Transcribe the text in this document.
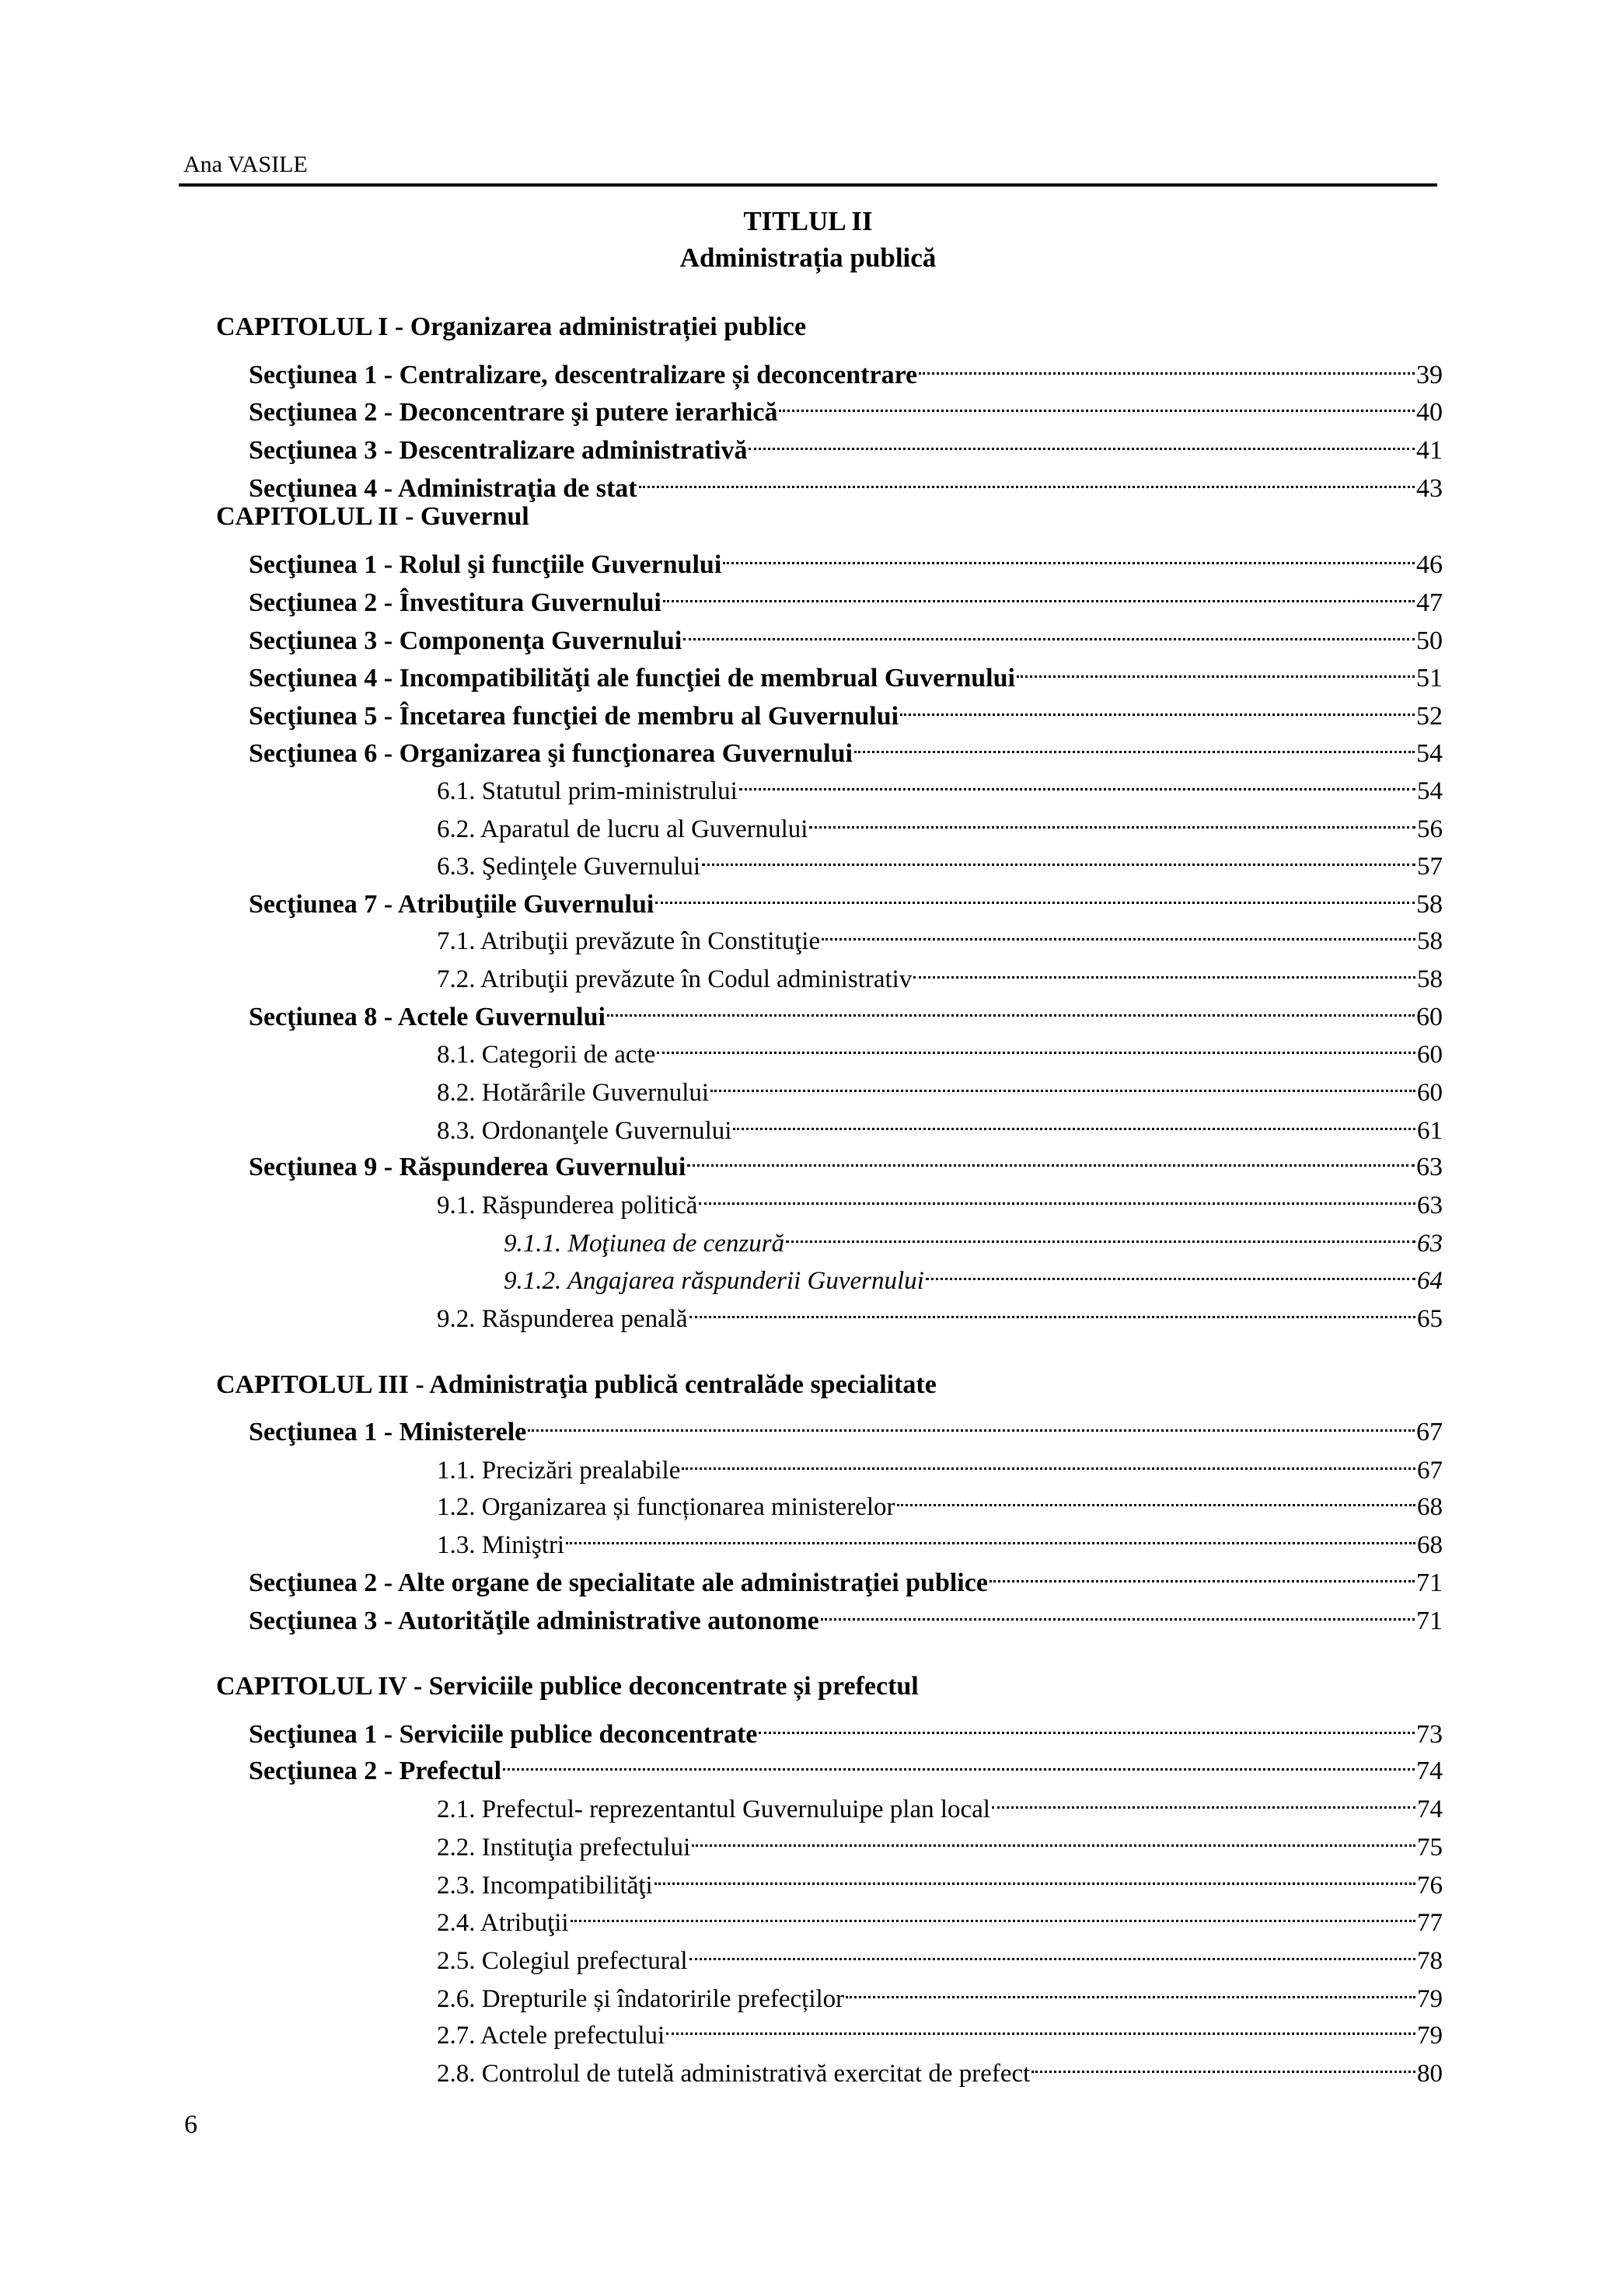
Ana VASILE
TITLUL II
Administrația publică
CAPITOLUL I - Organizarea administrației publice
Secţiunea 1 - Centralizare, descentralizare și deconcentrare	39
Secţiunea 2 - Deconcentrare şi putere ierarhică	40
Secţiunea 3 - Descentralizare administrativă	41
Secţiunea 4 - Administraţia de stat	43
CAPITOLUL II - Guvernul
Secţiunea 1 - Rolul şi funcţiile Guvernului	46
Secţiunea 2 - Învestitura Guvernului	47
Secţiunea 3 - Componenţa Guvernului	50
Secţiunea 4 - Incompatibilităţi ale funcţiei de membrual Guvernului	51
Secţiunea 5 - Încetarea funcţiei de membru al Guvernului	52
Secţiunea 6 - Organizarea şi funcţionarea Guvernului	54
6.1. Statutul prim-ministrului	54
6.2. Aparatul de lucru al Guvernului	56
6.3. Şedinţele Guvernului	57
Secţiunea 7 - Atribuţiile Guvernului	58
7.1. Atribuţii prevăzute în Constituţie	58
7.2. Atribuţii prevăzute în Codul administrativ	58
Secţiunea 8 - Actele Guvernului	60
8.1. Categorii de acte	60
8.2. Hotărârile Guvernului	60
8.3. Ordonanţele Guvernului	61
Secţiunea 9 - Răspunderea Guvernului	63
9.1. Răspunderea politică	63
9.1.1. Moţiunea de cenzură	63
9.1.2. Angajarea răspunderii Guvernului	64
9.2. Răspunderea penală	65
CAPITOLUL III - Administraţia publică centralăde specialitate
Secţiunea 1 - Ministerele	67
1.1. Precizări prealabile	67
1.2. Organizarea și funcționarea ministerelor	68
1.3. Miniştri	68
Secţiunea 2 - Alte organe de specialitate ale administraţiei publice	71
Secţiunea 3 - Autorităţile administrative autonome	71
CAPITOLUL IV - Serviciile publice deconcentrate și prefectul
Secţiunea 1 - Serviciile publice deconcentrate	73
Secţiunea 2 - Prefectul	74
2.1. Prefectul- reprezentantul Guvernuluipe plan local	74
2.2. Instituţia prefectului	75
2.3. Incompatibilităţi	76
2.4. Atribuţii	77
2.5. Colegiul prefectural	78
2.6. Drepturile și îndatoririle prefecților	79
2.7. Actele prefectului	79
2.8. Controlul de tutelă administrativă exercitat de prefect	80
6
